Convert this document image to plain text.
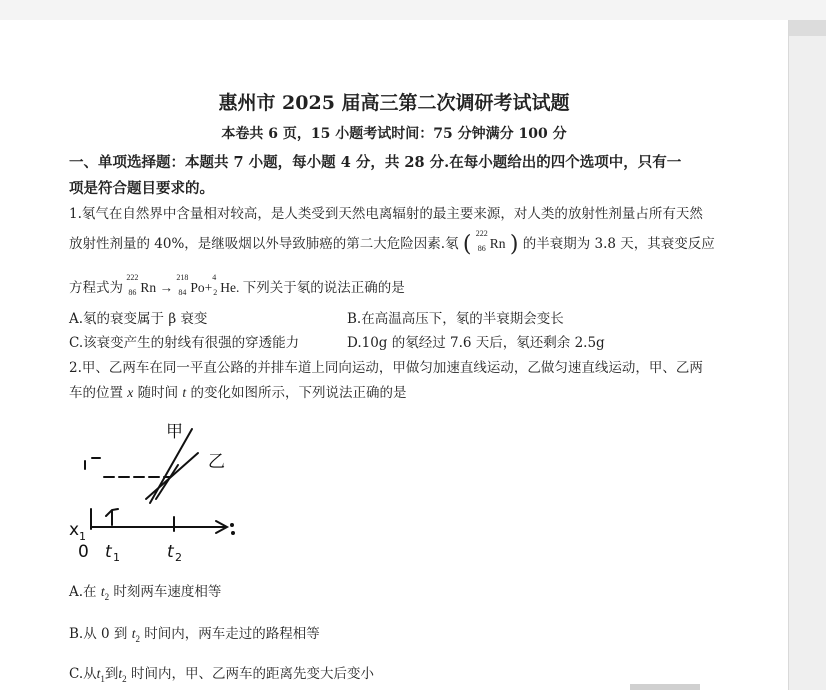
惠州市 2025 届高三第二次调研考试试题
本卷共 6 页，15 小题考试时间：75 分钟满分 100 分
一、单项选择题：本题共 7 小题，每小题 4 分，共 28 分.在每小题给出的四个选项中，只有一
项是符合题目要求的。
1.氡气在自然界中含量相对较高，是人类受到天然电离辐射的最主要来源，对人类的放射性剂量占所有天然
放射性剂量的 40%，是继吸烟以外导致肺癌的第二大危险因素.氡 ( 222
86 Rn ) 的半衰期为 3.8 天，其衰变反应
方程式为
222
86 Rn →
218
84 Po+
4
2 He. 下列关于氡的说法正确的是
A.氡的衰变属于 β 衰变	B.在高温高压下，氡的半衰期会变长
C.该衰变产生的射线有很强的穿透能力	D.10g 的氡经过 7.6 天后，氡还剩余 2.5g
2.甲、乙两车在同一平直公路的并排车道上同向运动，甲做匀加速直线运动，乙做匀速直线运动，甲、乙两
车的位置 x 随时间 t 的变化如图所示，下列说法正确的是
甲
乙
x 1
0 t 1	t 2
A.在 $t_2$ 时刻两车速度相等
B.从 0 到 $t_2$ 时间内，两车走过的路程相等
C.从$t_1$到$t_2$ 时间内，甲、乙两车的距离先变大后变小
